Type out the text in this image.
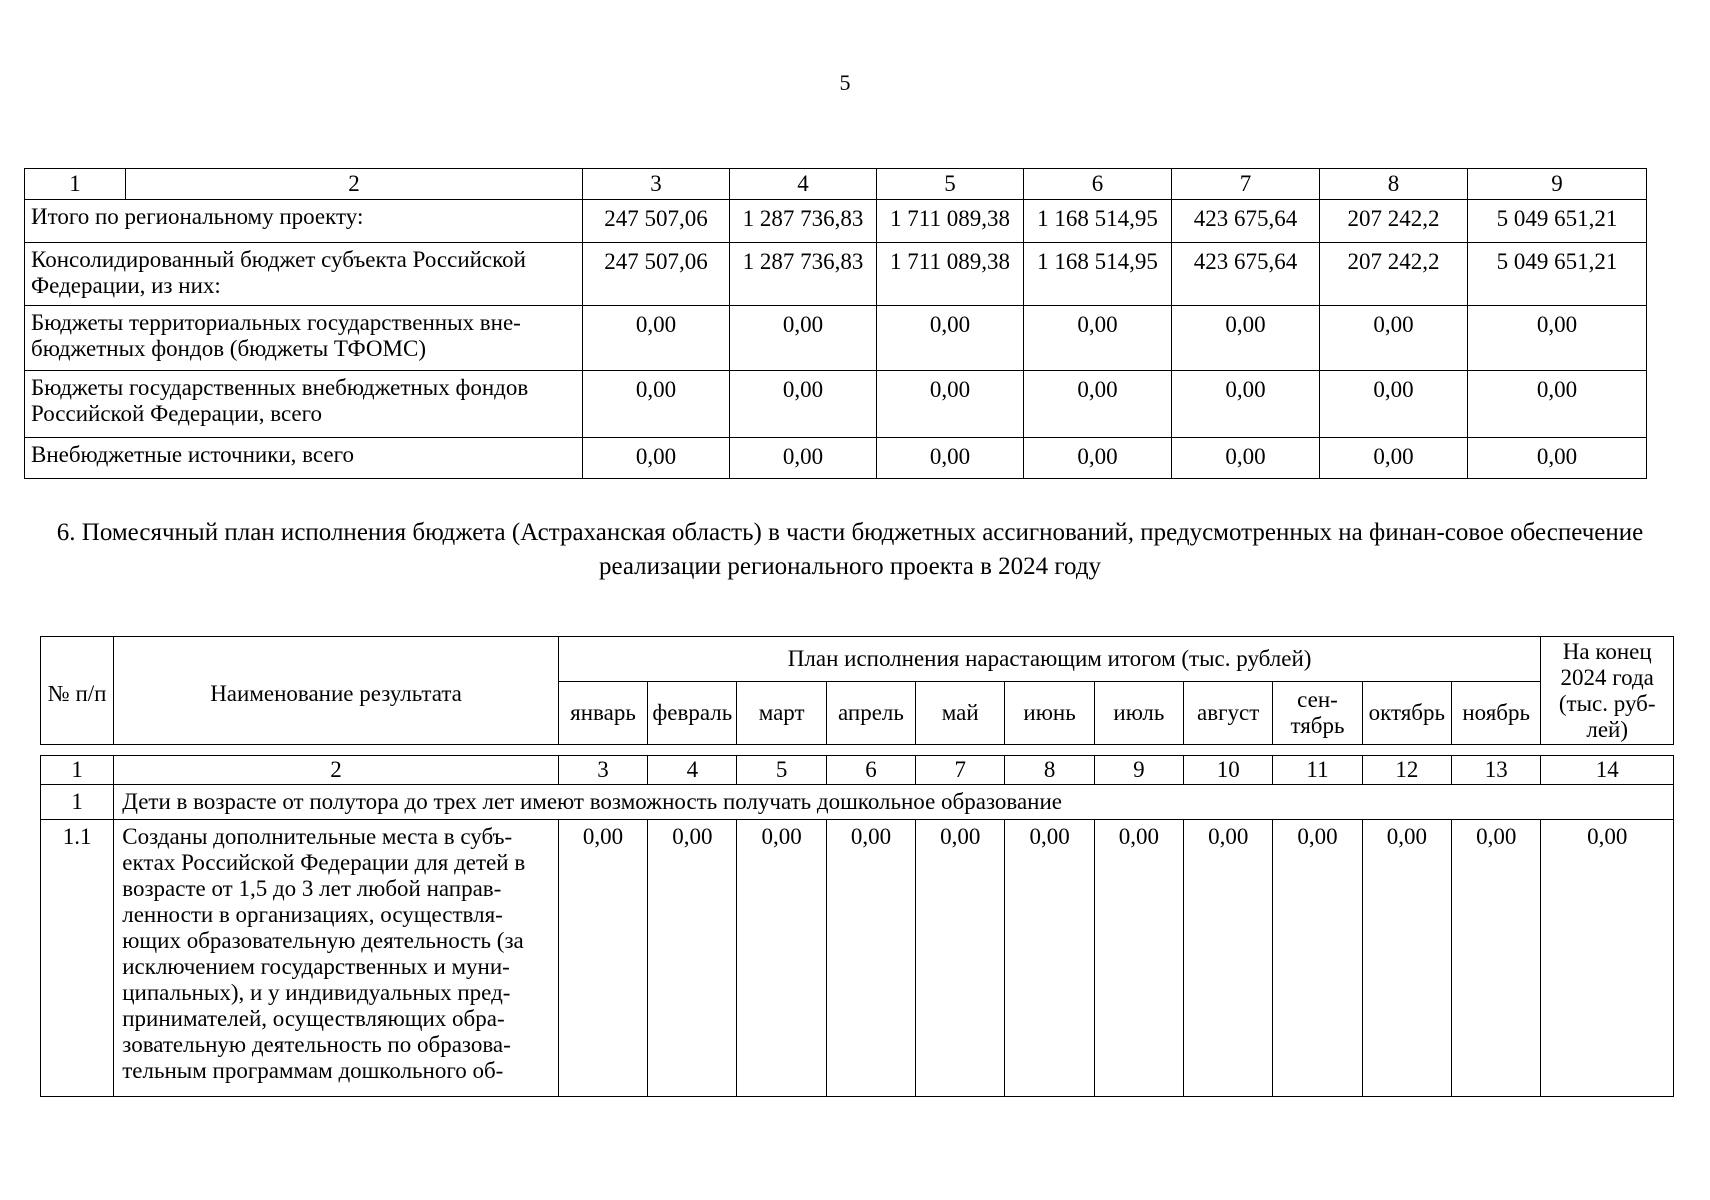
5
1	2	3	4	5	6	7	8	9
Итого по региональному проекту:		247 507,06	1 287 736,83	1 711 089,38	1 168 514,95	423 675,64	207 242,2	5 049 651,21
Консолидированный бюджет субъекта Российской Федерации, из них:		247 507,06	1 287 736,83	1 711 089,38	1 168 514,95	423 675,64	207 242,2	5 049 651,21
Бюджеты территориальных государственных вне-бюджетных фондов (бюджеты ТФОМС)		0,00	0,00	0,00	0,00	0,00	0,00	0,00
Бюджеты государственных внебюджетных фондов Российской Федерации, всего		0,00	0,00	0,00	0,00	0,00	0,00	0,00
Внебюджетные источники, всего		0,00	0,00	0,00	0,00	0,00	0,00	0,00
6. Помесячный план исполнения бюджета (Астраханская область) в части бюджетных ассигнований, предусмотренных на финан-совое обеспечение реализации регионального проекта в 2024 году
№ п/п	Наименование результата	План исполнения нарастающим итогом (тыс. рублей)											На конец 2024 года (тыс. руб-лей)
		январь	февраль	март	апрель	май	июнь	июль	август	сен-тябрь	октябрь	ноябрь	

1	2	3	4	5	6	7	8	9	10	11	12	13	14
1	Дети в возрасте от полутора до трех лет имеют возможность получать дошкольное образование												
1.1	Созданы дополнительные места в субъ-ектах Российской Федерации для детей в возрасте от 1,5 до 3 лет любой направ-ленности в организациях, осуществля-ющих образовательную деятельность (за исключением государственных и муни-ципальных), и у индивидуальных пред-принимателей, осуществляющих обра-зовательную деятельность по образова-тельным программам дошкольного об-	0,00	0,00	0,00	0,00	0,00	0,00	0,00	0,00	0,00	0,00	0,00	0,00
